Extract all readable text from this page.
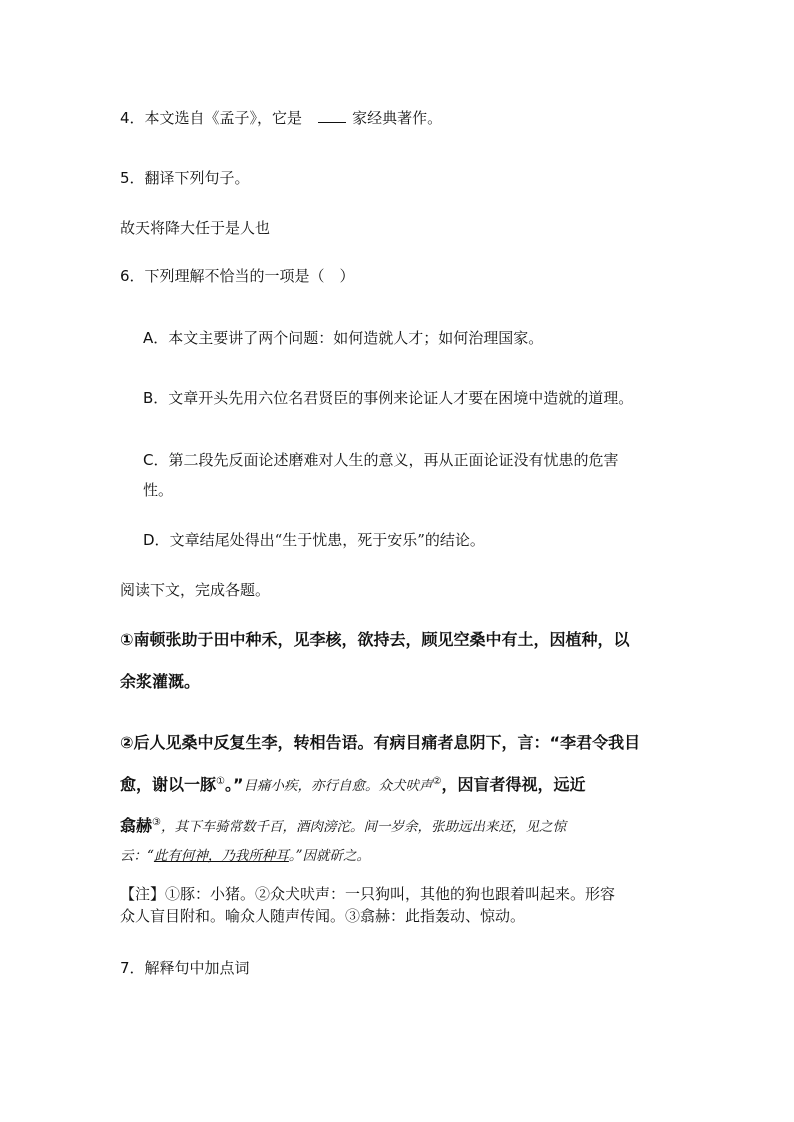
4．本文选自《孟子》，它是	家经典著作。
5．翻译下列句子。
故天将降大任于是人也
6．下列理解不恰当的一项是（　）
A．本文主要讲了两个问题：如何造就人才；如何治理国家。
B．文章开头先用六位名君贤臣的事例来论证人才要在困境中造就的道理。
C．第二段先反面论述磨难对人生的意义，再从正面论证没有忧患的危害
性。
D．文章结尾处得出“生于忧患，死于安乐”的结论。
阅读下文，完成各题。
①南顿张助于田中种禾，见李核，欲持去，顾见空桑中有土，因植种，以
余浆灌溉。
②后人见桑中反复生李，转相告语。有病目痛者息阴下，言：“李君令我目
愈，谢以一豚①。”目痛小疾，亦行自愈。众犬吠声②，因盲者得视，远近
翕赫③，其下车骑常数千百，酒肉滂沱。间一岁余，张助远出来还，见之惊
云：“此有何神，乃我所种耳。”因就斫之。
【注】①豚：小猪。②众犬吠声：一只狗叫，其他的狗也跟着叫起来。形容
众人盲目附和。喻众人随声传闻。③翕赫：此指轰动、惊动。
7．解释句中加点词
